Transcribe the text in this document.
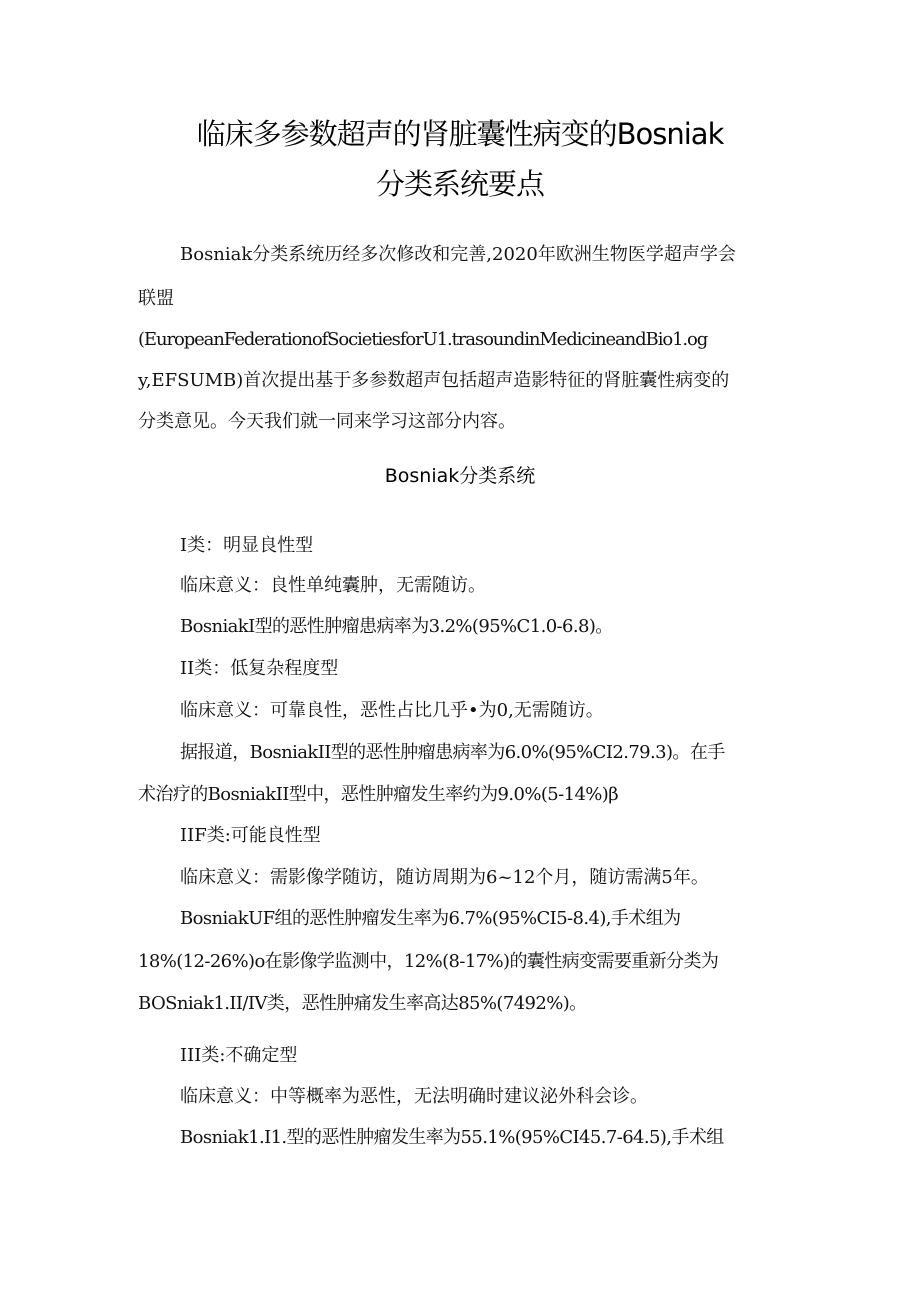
临床多参数超声的肾脏囊性病变的Bosniak
分类系统要点
Bosniak分类系统历经多次修改和完善,2020年欧洲生物医学超声学会
联盟
(EuropeanFederationofSocietiesforU1.trasoundinMedicineandBio1.og
y,EFSUMB)首次提出基于多参数超声包括超声造影特征的肾脏囊性病变的
分类意见。今天我们就一同来学习这部分内容。
Bosniak分类系统
I类：明显良性型
临床意义：良性单纯囊肿，无需随访。
BosniakI型的恶性肿瘤患病率为3.2%(95%C1.0-6.8)。
II类：低复杂程度型
临床意义：可靠良性，恶性占比几乎•为0,无需随访。
据报道，BosniakII型的恶性肿瘤患病率为6.0%(95%CI2.79.3)。在手
术治疗的BosniakII型中，恶性肿瘤发生率约为9.0%(5-14%)β
IIF类:可能良性型
临床意义：需影像学随访，随访周期为6~12个月，随访需满5年。
BosniakUF组的恶性肿瘤发生率为6.7%(95%CI5-8.4),手术组为
18%(12-26%)o在影像学监测中，12%(8-17%)的囊性病变需要重新分类为
BOSniak1.II/IV类，恶性肿痛发生率高达85%(7492%)。
III类:不确定型
临床意义：中等概率为恶性，无法明确时建议泌外科会诊。
Bosniak1.I1.型的恶性肿瘤发生率为55.1%(95%CI45.7-64.5),手术组
